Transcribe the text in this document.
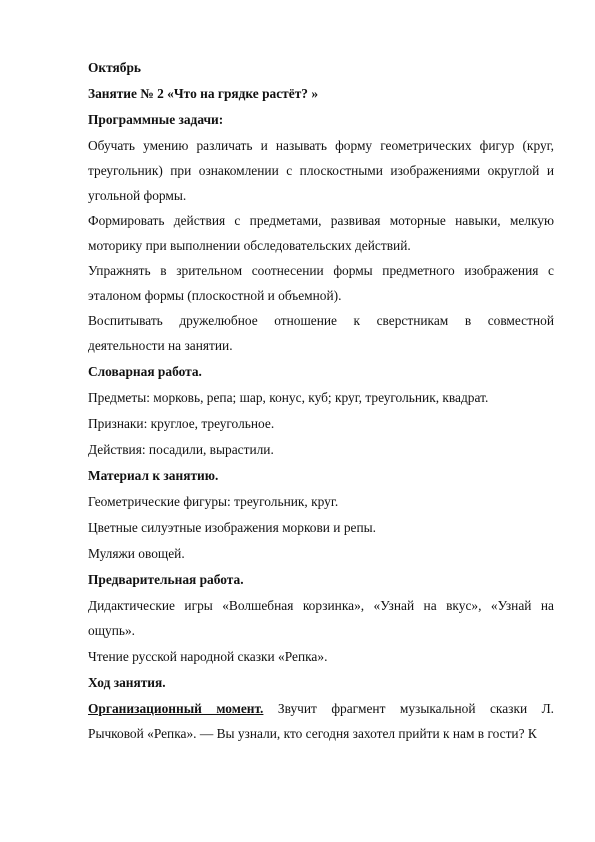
Октябрь
Занятие № 2 «Что на грядке растёт? »
Программные задачи:
Обучать умению различать и называть форму геометрических фигур (круг,
треугольник) при ознакомлении с плоскостными изображениями округлой и
угольной формы.
Формировать действия с предметами, развивая моторные навыки, мелкую
моторику при выполнении обследовательских действий.
Упражнять в зрительном соотнесении формы предметного изображения с
эталоном формы (плоскостной и объемной).
Воспитывать дружелюбное отношение к сверстникам в совместной
деятельности на занятии.
Словарная работа.
Предметы: морковь, репа; шар, конус, куб; круг, треугольник, квадрат.
Признаки: круглое, треугольное.
Действия: посадили, вырастили.
Материал к занятию.
Геометрические фигуры: треугольник, круг.
Цветные силуэтные изображения моркови и репы.
Муляжи овощей.
Предварительная работа.
Дидактические игры «Волшебная корзинка», «Узнай на вкус», «Узнай на
ощупь».
Чтение русской народной сказки «Репка».
Ход занятия.
Организационный момент. Звучит фрагмент музыкальной сказки Л.
Рычковой «Репка». — Вы узнали, кто сегодня захотел прийти к нам в гости? К
